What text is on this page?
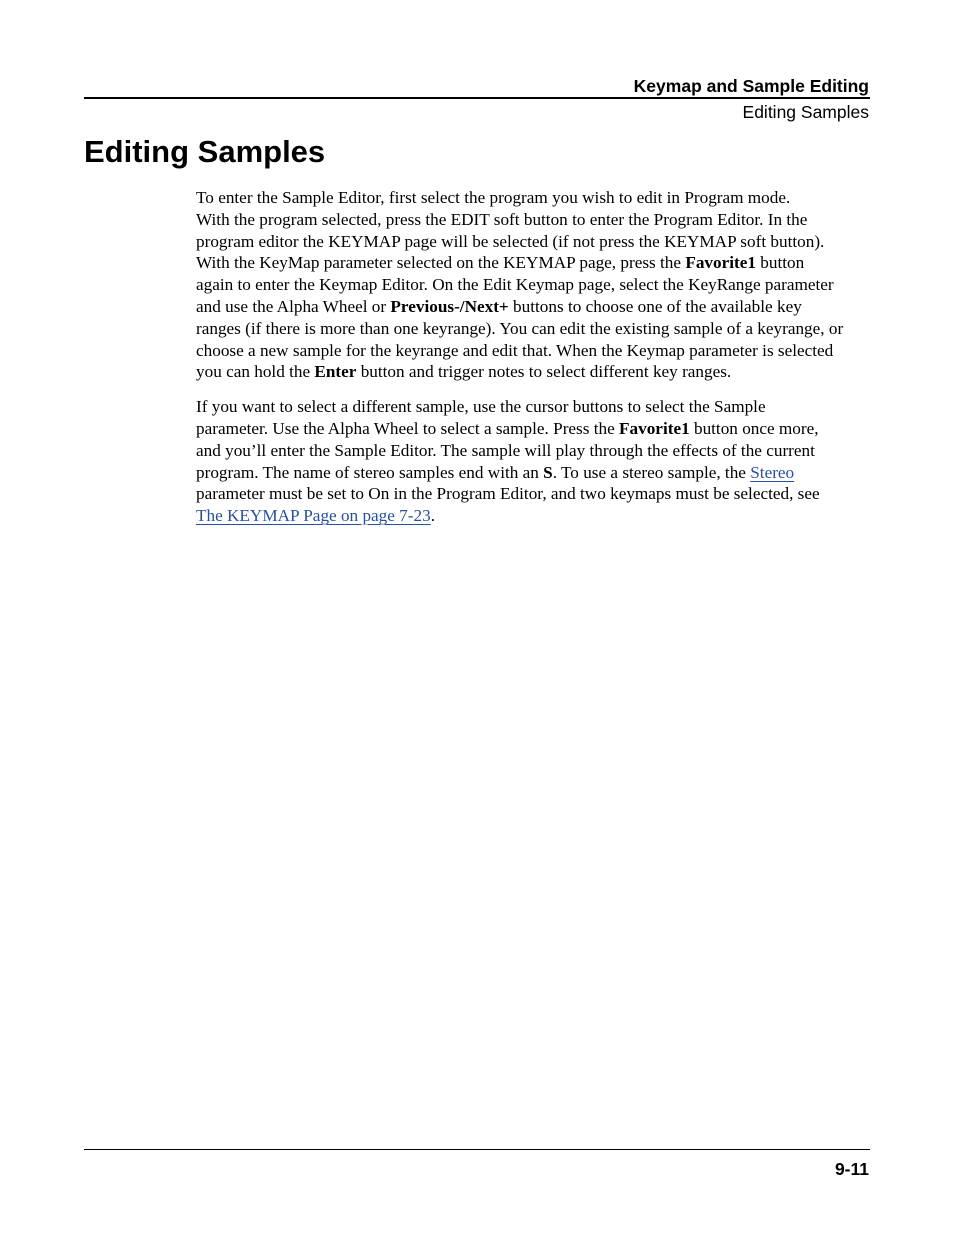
Keymap and Sample Editing
Editing Samples
Editing Samples

To enter the Sample Editor, first select the program you wish to edit in Program mode.
With the program selected, press the EDIT soft button to enter the Program Editor. In the
program editor the KEYMAP page will be selected (if not press the KEYMAP soft button).
With the KeyMap parameter selected on the KEYMAP page, press the Favorite1 button
again to enter the Keymap Editor. On the Edit Keymap page, select the KeyRange parameter
and use the Alpha Wheel or Previous-/Next+ buttons to choose one of the available key
ranges (if there is more than one keyrange). You can edit the existing sample of a keyrange, or
choose a new sample for the keyrange and edit that. When the Keymap parameter is selected
you can hold the Enter button and trigger notes to select different key ranges.

If you want to select a different sample, use the cursor buttons to select the Sample
parameter. Use the Alpha Wheel to select a sample. Press the Favorite1 button once more,
and you’ll enter the Sample Editor. The sample will play through the effects of the current
program. The name of stereo samples end with an S. To use a stereo sample, the Stereo
parameter must be set to On in the Program Editor, and two keymaps must be selected, see
The KEYMAP Page on page 7-23.

9-11
